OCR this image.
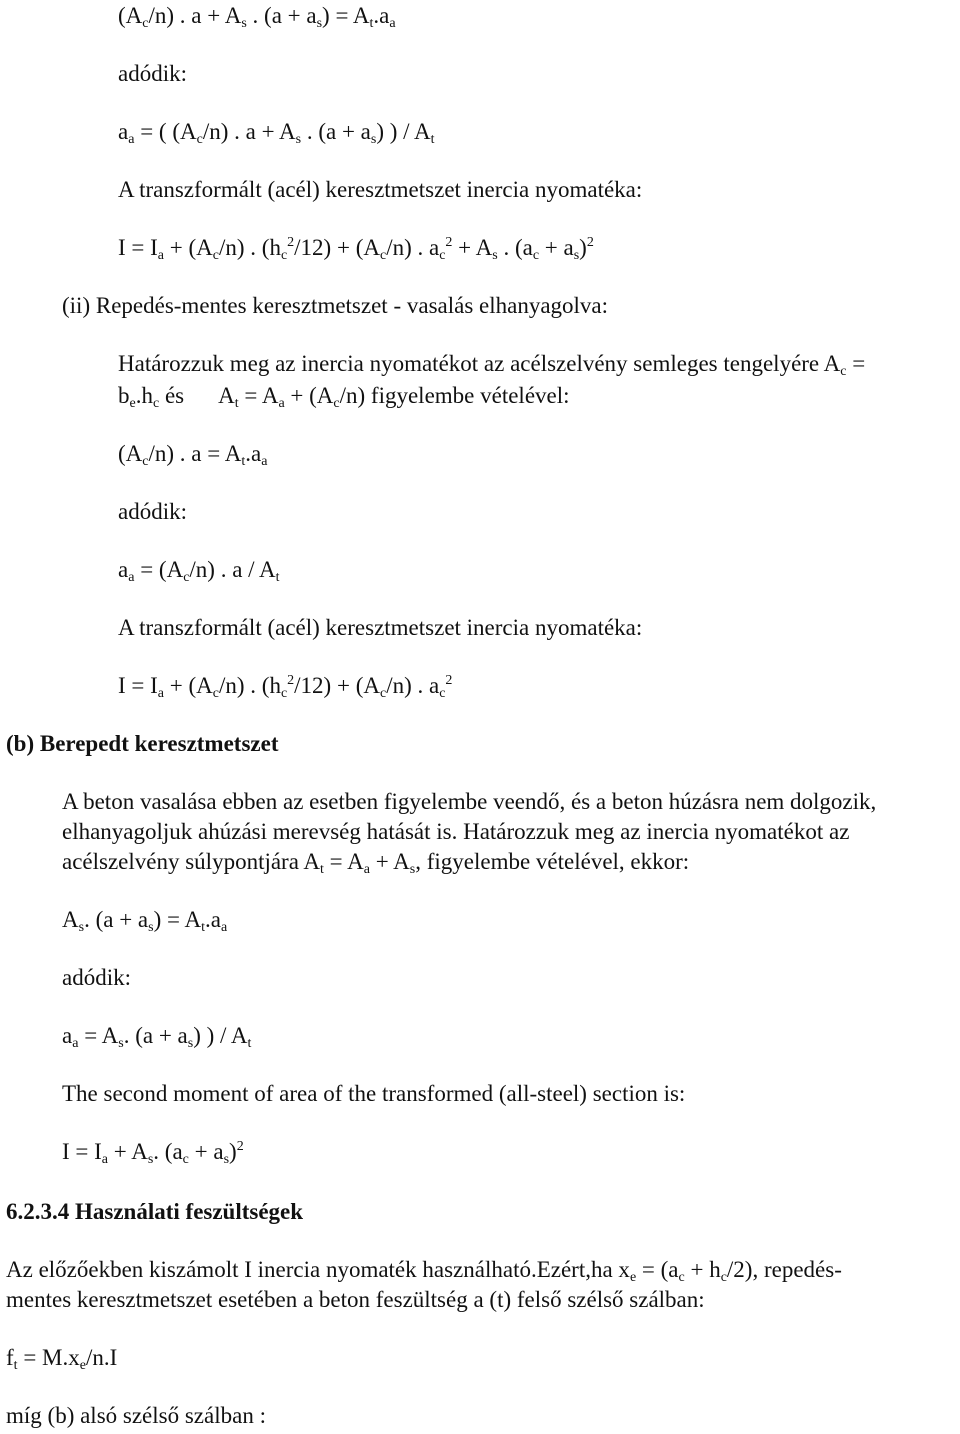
$(A_c/n)$ . $a + A_s$ . $(a + a_s) = A_t.a_a$
adódik:
$a_a$ = ( $(A_c/n)$ . $a + A_s$ . $(a + a_s)$ ) / $A_t$
A transzformált (acél) keresztmetszet inercia nyomatéka:
$I = I_a + (A_c/n)$ . $(h_c^2/12) + (A_c/n)$ . $a_c^2 + A_s$ . $(a_c + a_s)^2$
(ii) Repedés-mentes keresztmetszet - vasalás elhanyagolva:
Határozzuk meg az inercia nyomatékot az acélszelvény semleges tengelyére $A_c$ =
$b_e.h_c$ és $A_t = A_a + (A_c/n)$ figyelembe vételével:
$(A_c/n)$ . $a = A_t.a_a$
adódik:
$a_a = (A_c/n)$ . a / $A_t$
A transzformált (acél) keresztmetszet inercia nyomatéka:
$I = I_a + (A_c/n)$ . $(h_c^2/12) + (A_c/n)$ . $a_c^2$
(b) Berepedt keresztmetszet
A beton vasalása ebben az esetben figyelembe veendő, és a beton húzásra nem dolgozik,
elhanyagoljuk ahúzási merevség hatását is. Határozzuk meg az inercia nyomatékot az
acélszelvény súlypontjára $A_t = A_a + A_s$, figyelembe vételével, ekkor:
$A_s$. $(a + a_s) = A_t.a_a$
adódik:
$a_a = A_s$. $(a + a_s)$ ) / $A_t$
The second moment of area of the transformed (all-steel) section is:
$I = I_a + A_s$. $(a_c + a_s)^2$
6.2.3.4 Használati feszültségek
Az előzőekben kiszámolt I inercia nyomaték használható.Ezért,ha $x_e = (a_c + h_c/2)$, repedés-
mentes keresztmetszet esetében a beton feszültség a (t) felső szélső szálban:
$f_t = M.x_e/n.I$
míg (b) alsó szélső szálban :
